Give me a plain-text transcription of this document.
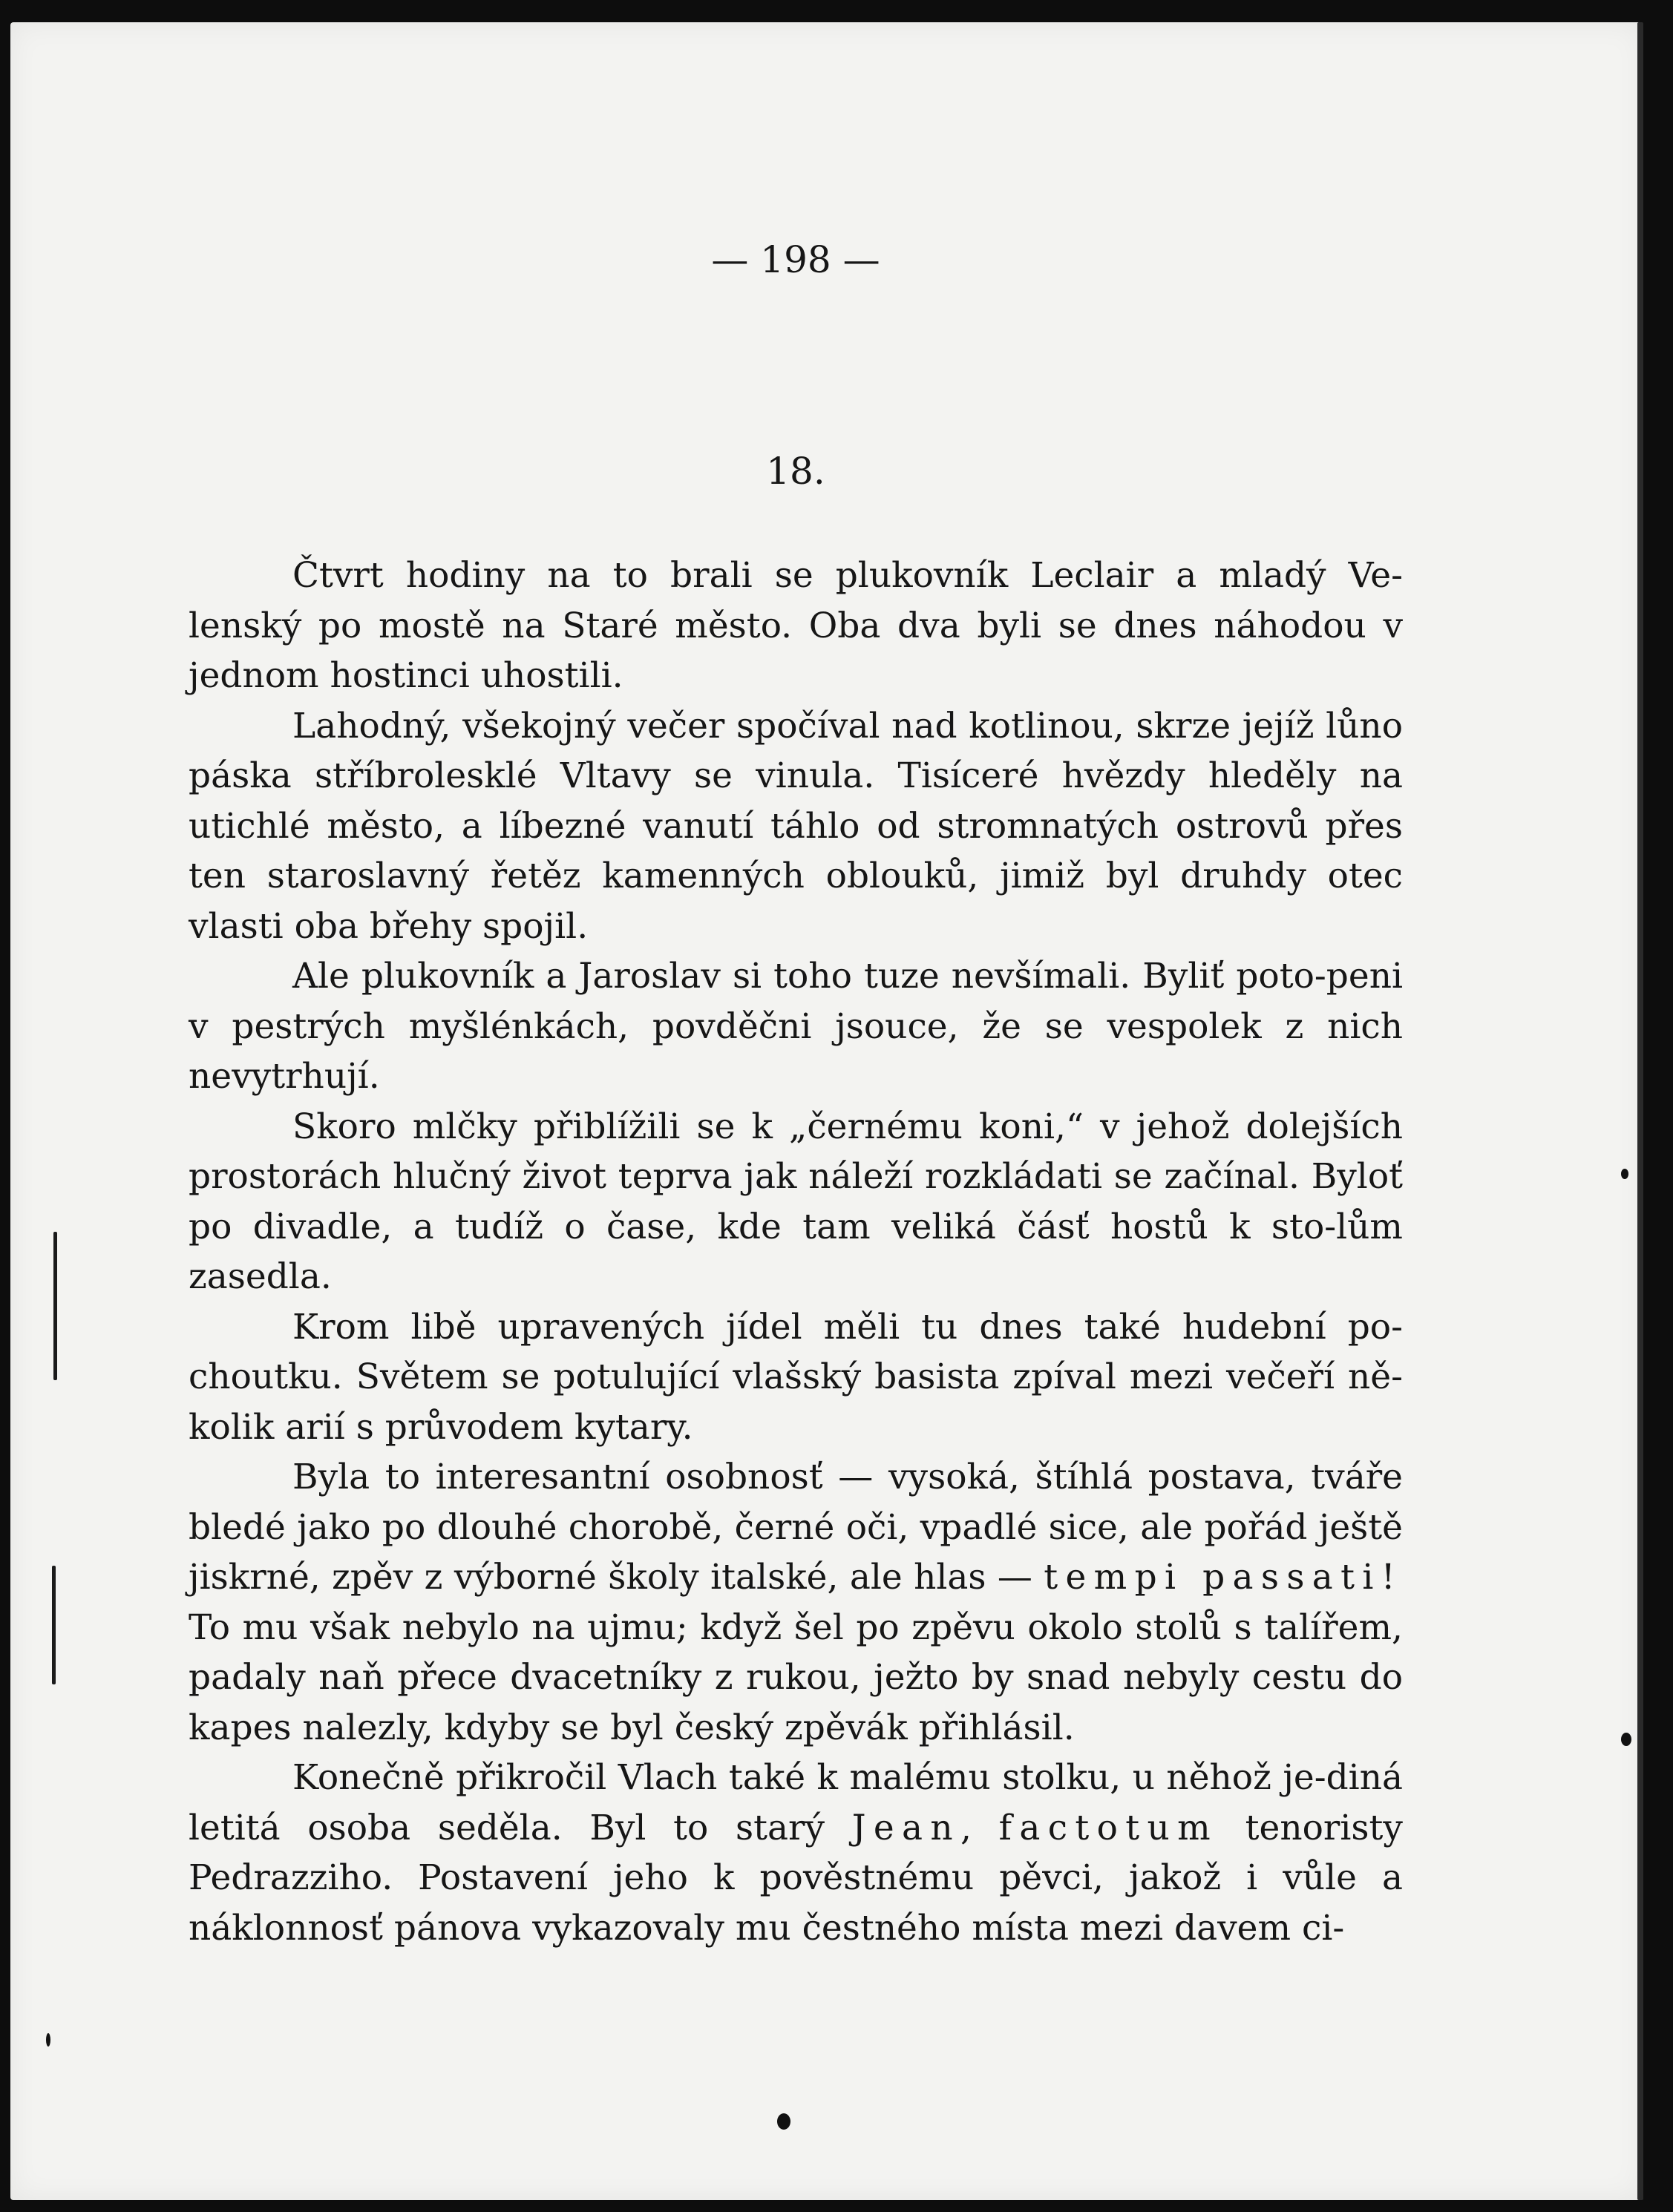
— 198 —
18.

Čtvrt hodiny na to brali se plukovník Leclair a mladý Ve-lenský po mostě na Staré město. Oba dva byli se dnes náhodou v jednom hostinci uhostili.

Lahodný, všekojný večer spočíval nad kotlinou, skrze jejíž lůno páska stříbrolesklé Vltavy se vinula. Tisíceré hvězdy hleděly na utichlé město, a líbezné vanutí táhlo od stromnatých ostrovů přes ten staroslavný řetěz kamenných oblouků, jimiž byl druhdy otec vlasti oba břehy spojil.

Ale plukovník a Jaroslav si toho tuze nevšímali. Byliť poto-peni v pestrých myšlénkách, povděčni jsouce, že se vespolek z nich nevytrhují.

Skoro mlčky přiblížili se k „černému koni,“ v jehož dolejších prostorách hlučný život teprva jak náleží rozkládati se začínal. Bylоť po divadle, a tudíž o čase, kde tam veliká čásť hostů k sto-lům zasedla.

Krom libě upravených jídel měli tu dnes také hudební po-choutku. Světem se potulující vlašský basista zpíval mezi večeří ně-kolik arií s průvodem kytary.

Byla to interesantní osobnosť — vysoká, štíhlá postava, tváře bledé jako po dlouhé chorobě, černé oči, vpadlé sice, ale pořád ještě jiskrné, zpěv z výborné školy italské, ale hlas — tempi passati! To mu však nebylo na ujmu; když šel po zpěvu okolo stolů s talířem, padaly naň přece dvacetníky z rukou, ježto by snad nebyly cestu do kapes nalezly, kdyby se byl český zpěvák přihlásil.

Konečně přikročil Vlach také k malému stolku, u něhož je-diná letitá osoba seděla. Byl to starý Jean, factotum tenoristy Pedrazziho. Postavení jeho k pověstnému pěvci, jakož i vůle a náklonnosť pánova vykazovaly mu čestného místa mezi davem ci-
